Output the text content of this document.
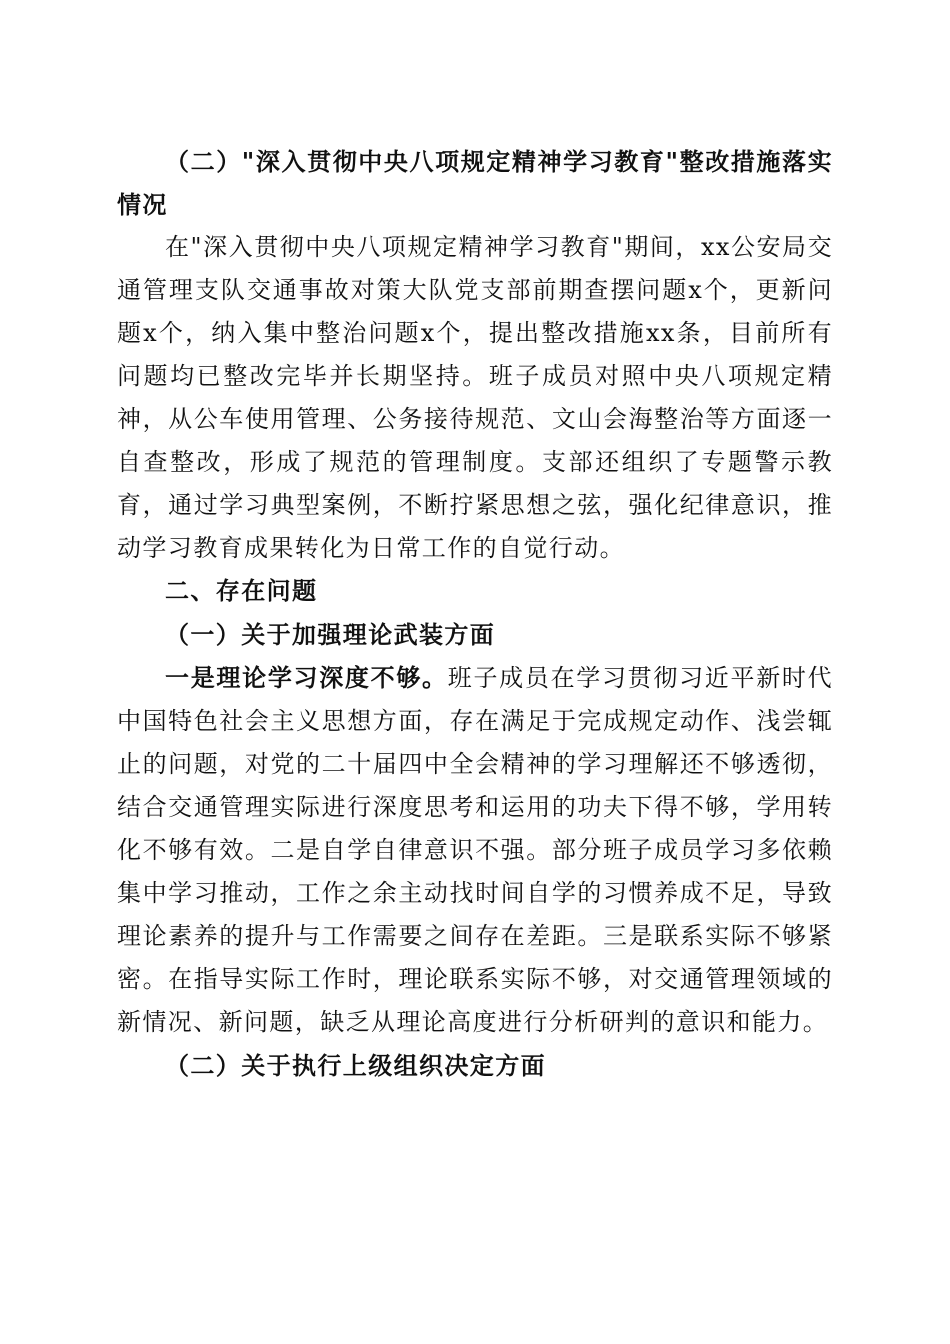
（二）"深入贯彻中央八项规定精神学习教育"整改措施落实情况

在"深入贯彻中央八项规定精神学习教育"期间，xx公安局交通管理支队交通事故对策大队党支部前期查摆问题x个，更新问题x个，纳入集中整治问题x个，提出整改措施xx条，目前所有问题均已整改完毕并长期坚持。班子成员对照中央八项规定精神，从公车使用管理、公务接待规范、文山会海整治等方面逐一自查整改，形成了规范的管理制度。支部还组织了专题警示教育，通过学习典型案例，不断拧紧思想之弦，强化纪律意识，推动学习教育成果转化为日常工作的自觉行动。

二、存在问题

（一）关于加强理论武装方面

一是理论学习深度不够。班子成员在学习贯彻习近平新时代中国特色社会主义思想方面，存在满足于完成规定动作、浅尝辄止的问题，对党的二十届四中全会精神的学习理解还不够透彻，结合交通管理实际进行深度思考和运用的功夫下得不够，学用转化不够有效。二是自学自律意识不强。部分班子成员学习多依赖集中学习推动，工作之余主动找时间自学的习惯养成不足，导致理论素养的提升与工作需要之间存在差距。三是联系实际不够紧密。在指导实际工作时，理论联系实际不够，对交通管理领域的新情况、新问题，缺乏从理论高度进行分析研判的意识和能力。

（二）关于执行上级组织决定方面
